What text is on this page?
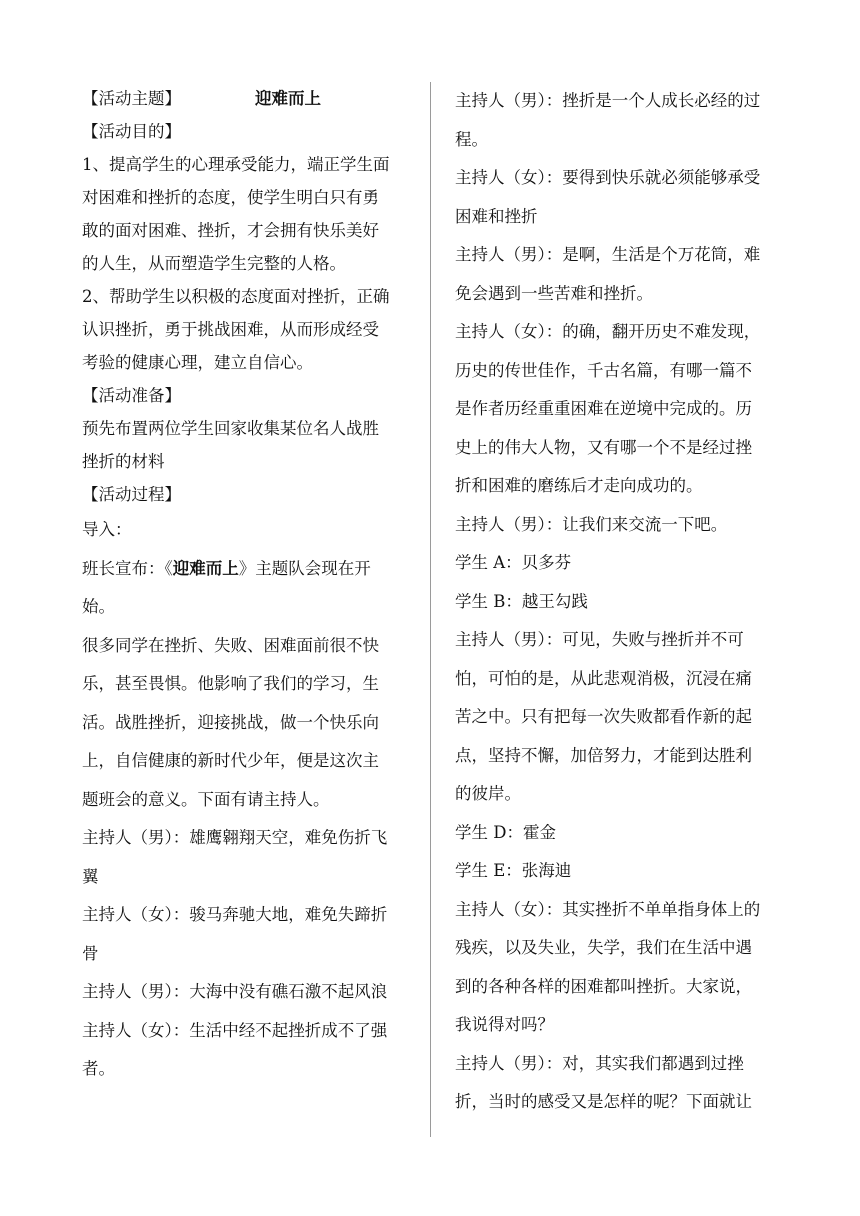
【活动主题】	迎难而上
【活动目的】
1、提高学生的心理承受能力，端正学生面
对困难和挫折的态度，使学生明白只有勇
敢的面对困难、挫折，才会拥有快乐美好
的人生，从而塑造学生完整的人格。
2、帮助学生以积极的态度面对挫折，正确
认识挫折，勇于挑战困难，从而形成经受
考验的健康心理，建立自信心。
【活动准备】
预先布置两位学生回家收集某位名人战胜
挫折的材料
【活动过程】
导入：
班长宣布：《迎难而上》主题队会现在开
始。
很多同学在挫折、失败、困难面前很不快
乐，甚至畏惧。他影响了我们的学习，生
活。战胜挫折，迎接挑战，做一个快乐向
上，自信健康的新时代少年，便是这次主
题班会的意义。下面有请主持人。
主持人（男）：雄鹰翱翔天空，难免伤折飞
翼
主持人（女）：骏马奔驰大地，难免失蹄折
骨
主持人（男）：大海中没有礁石激不起风浪
主持人（女）：生活中经不起挫折成不了强
者。
主持人（男）：挫折是一个人成长必经的过
程。
主持人（女）：要得到快乐就必须能够承受
困难和挫折
主持人（男）：是啊，生活是个万花筒，难
免会遇到一些苦难和挫折。
主持人（女）：的确，翻开历史不难发现，
历史的传世佳作，千古名篇，有哪一篇不
是作者历经重重困难在逆境中完成的。历
史上的伟大人物，又有哪一个不是经过挫
折和困难的磨练后才走向成功的。
主持人（男）：让我们来交流一下吧。
学生 A：贝多芬
学生 B：越王勾践
主持人（男）：可见，失败与挫折并不可
怕，可怕的是，从此悲观消极，沉浸在痛
苦之中。只有把每一次失败都看作新的起
点，坚持不懈，加倍努力，才能到达胜利
的彼岸。
学生 D：霍金
学生 E：张海迪
主持人（女）：其实挫折不单单指身体上的
残疾，以及失业，失学，我们在生活中遇
到的各种各样的困难都叫挫折。大家说，
我说得对吗？
主持人（男）：对，其实我们都遇到过挫
折，当时的感受又是怎样的呢？下面就让
